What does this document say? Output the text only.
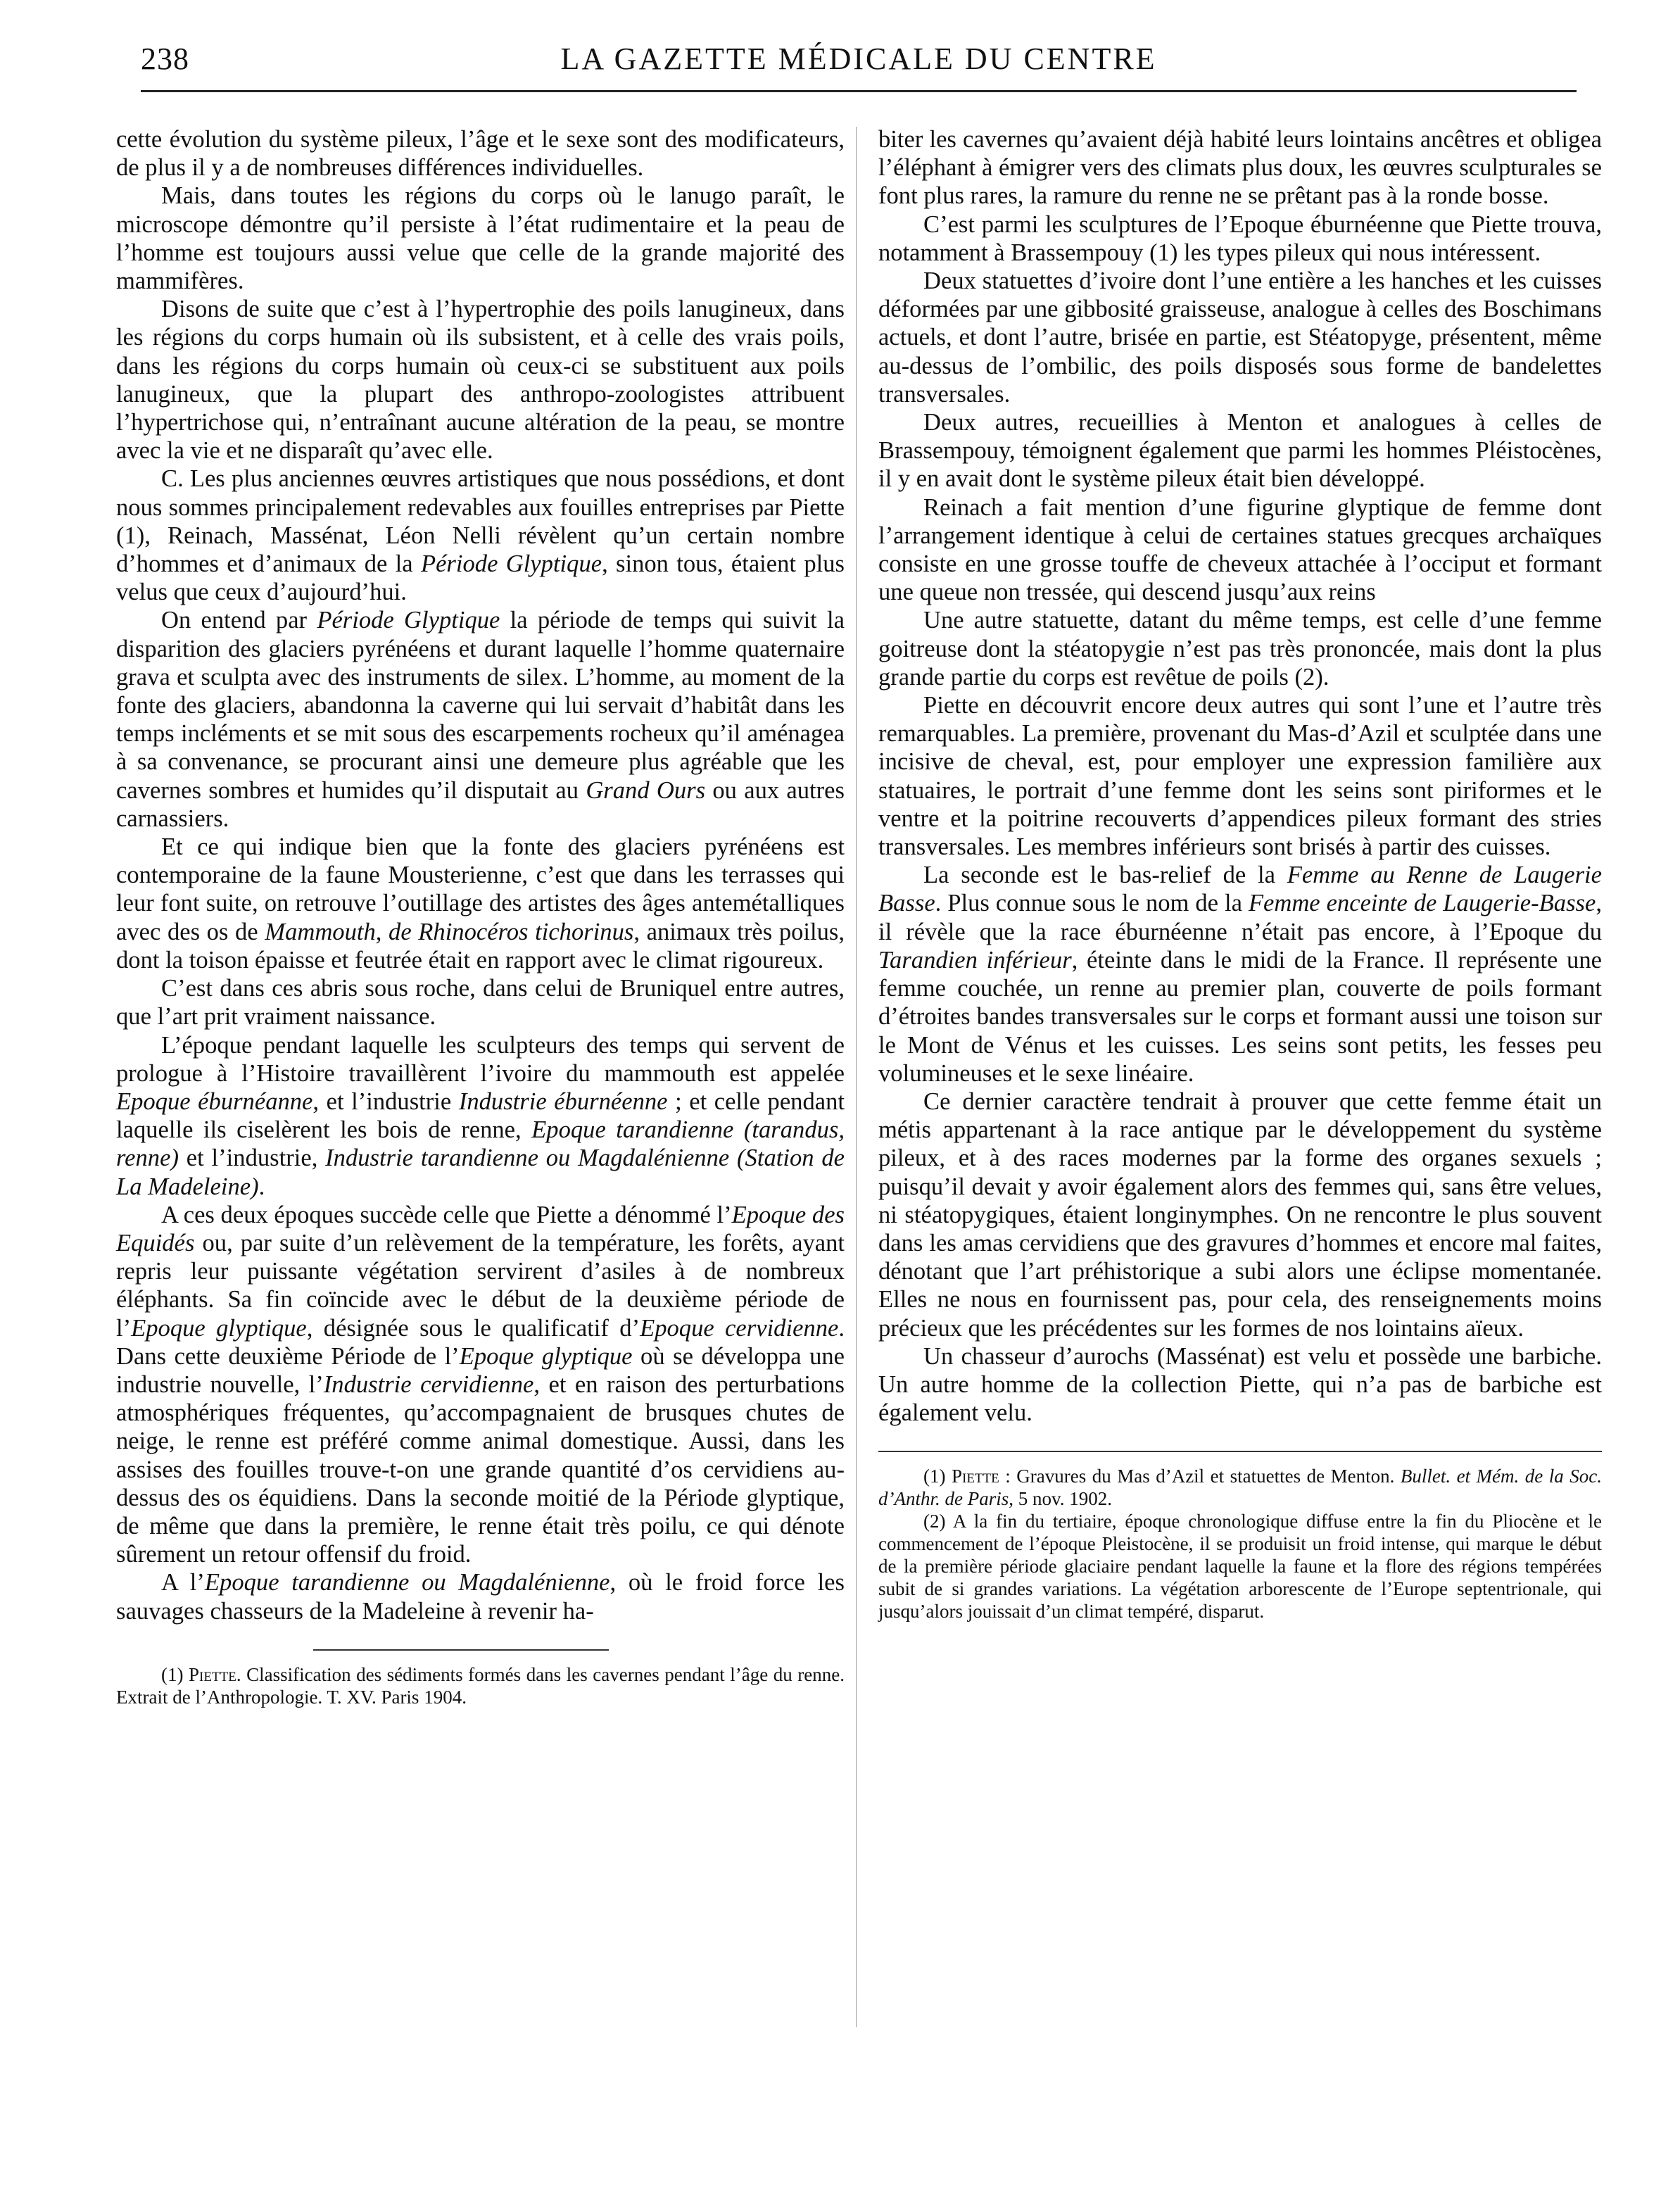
238	LA GAZETTE MÉDICALE DU CENTRE

cette évolution du système pileux, l’âge et le sexe sont des modificateurs, de plus il y a de nombreuses différences individuelles.

Mais, dans toutes les régions du corps où le lanugo paraît, le microscope démontre qu’il persiste à l’état rudimentaire et la peau de l’homme est toujours aussi velue que celle de la grande majorité des mammifères.

Disons de suite que c’est à l’hypertrophie des poils lanugineux, dans les régions du corps humain où ils subsistent, et à celle des vrais poils, dans les régions du corps humain où ceux-ci se substituent aux poils lanugineux, que la plupart des anthropo-zoologistes attribuent l’hypertrichose qui, n’entraînant aucune altération de la peau, se montre avec la vie et ne disparaît qu’avec elle.

C. Les plus anciennes œuvres artistiques que nous possédions, et dont nous sommes principalement redevables aux fouilles entreprises par Piette (1), Reinach, Massénat, Léon Nelli révèlent qu’un certain nombre d’hommes et d’animaux de la Période Glyptique, sinon tous, étaient plus velus que ceux d’aujourd’hui.

On entend par Période Glyptique la période de temps qui suivit la disparition des glaciers pyrénéens et durant laquelle l’homme quaternaire grava et sculpta avec des instruments de silex. L’homme, au moment de la fonte des glaciers, abandonna la caverne qui lui servait d’habitât dans les temps incléments et se mit sous des escarpements rocheux qu’il aménagea à sa convenance, se procurant ainsi une demeure plus agréable que les cavernes sombres et humides qu’il disputait au Grand Ours ou aux autres carnassiers.

Et ce qui indique bien que la fonte des glaciers pyrénéens est contemporaine de la faune Mousterienne, c’est que dans les terrasses qui leur font suite, on retrouve l’outillage des artistes des âges antemétalliques avec des os de Mammouth, de Rhinocéros tichorinus, animaux très poilus, dont la toison épaisse et feutrée était en rapport avec le climat rigoureux.

C’est dans ces abris sous roche, dans celui de Bruniquel entre autres, que l’art prit vraiment naissance.

L’époque pendant laquelle les sculpteurs des temps qui servent de prologue à l’Histoire travaillèrent l’ivoire du mammouth est appelée Epoque éburnéanne, et l’industrie Industrie éburnéenne ; et celle pendant laquelle ils ciselèrent les bois de renne, Epoque tarandienne (tarandus, renne) et l’industrie, Industrie tarandienne ou Magdalénienne (Station de La Madeleine).

A ces deux époques succède celle que Piette a dénommé l’Epoque des Equidés ou, par suite d’un relèvement de la température, les forêts, ayant repris leur puissante végétation servirent d’asiles à de nombreux éléphants. Sa fin coïncide avec le début de la deuxième période de l’Epoque glyptique, désignée sous le qualificatif d’Epoque cervidienne. Dans cette deuxième Période de l’Epoque glyptique où se développa une industrie nouvelle, l’Industrie cervidienne, et en raison des perturbations atmosphériques fréquentes, qu’accompagnaient de brusques chutes de neige, le renne est préféré comme animal domestique. Aussi, dans les assises des fouilles trouve-t-on une grande quantité d’os cervidiens au-dessus des os équidiens. Dans la seconde moitié de la Période glyptique, de même que dans la première, le renne était très poilu, ce qui dénote sûrement un retour offensif du froid.

A l’Epoque tarandienne ou Magdalénienne, où le froid force les sauvages chasseurs de la Madeleine à revenir ha-

(1) Piette. Classification des sédiments formés dans les cavernes pendant l’âge du renne. Extrait de l’Anthropologie. T. XV. Paris 1904.

biter les cavernes qu’avaient déjà habité leurs lointains ancêtres et obligea l’éléphant à émigrer vers des climats plus doux, les œuvres sculpturales se font plus rares, la ramure du renne ne se prêtant pas à la ronde bosse.

C’est parmi les sculptures de l’Epoque éburnéenne que Piette trouva, notamment à Brassempouy (1) les types pileux qui nous intéressent.

Deux statuettes d’ivoire dont l’une entière a les hanches et les cuisses déformées par une gibbosité graisseuse, analogue à celles des Boschimans actuels, et dont l’autre, brisée en partie, est Stéatopyge, présentent, même au-dessus de l’ombilic, des poils disposés sous forme de bandelettes transversales.

Deux autres, recueillies à Menton et analogues à celles de Brassempouy, témoignent également que parmi les hommes Pléistocènes, il y en avait dont le système pileux était bien développé.

Reinach a fait mention d’une figurine glyptique de femme dont l’arrangement identique à celui de certaines statues grecques archaïques consiste en une grosse touffe de cheveux attachée à l’occiput et formant une queue non tressée, qui descend jusqu’aux reins

Une autre statuette, datant du même temps, est celle d’une femme goitreuse dont la stéatopygie n’est pas très prononcée, mais dont la plus grande partie du corps est revêtue de poils (2).

Piette en découvrit encore deux autres qui sont l’une et l’autre très remarquables. La première, provenant du Mas-d’Azil et sculptée dans une incisive de cheval, est, pour employer une expression familière aux statuaires, le portrait d’une femme dont les seins sont piriformes et le ventre et la poitrine recouverts d’appendices pileux formant des stries transversales. Les membres inférieurs sont brisés à partir des cuisses.

La seconde est le bas-relief de la Femme au Renne de Laugerie Basse. Plus connue sous le nom de la Femme enceinte de Laugerie-Basse, il révèle que la race éburnéenne n’était pas encore, à l’Epoque du Tarandien inférieur, éteinte dans le midi de la France. Il représente une femme couchée, un renne au premier plan, couverte de poils formant d’étroites bandes transversales sur le corps et formant aussi une toison sur le Mont de Vénus et les cuisses. Les seins sont petits, les fesses peu volumineuses et le sexe linéaire.

Ce dernier caractère tendrait à prouver que cette femme était un métis appartenant à la race antique par le développement du système pileux, et à des races modernes par la forme des organes sexuels ; puisqu’il devait y avoir également alors des femmes qui, sans être velues, ni stéatopygiques, étaient longinymphes. On ne rencontre le plus souvent dans les amas cervidiens que des gravures d’hommes et encore mal faites, dénotant que l’art préhistorique a subi alors une éclipse momentanée. Elles ne nous en fournissent pas, pour cela, des renseignements moins précieux que les précédentes sur les formes de nos lointains aïeux.

Un chasseur d’aurochs (Massénat) est velu et possède une barbiche. Un autre homme de la collection Piette, qui n’a pas de barbiche est également velu.

(1) Piette : Gravures du Mas d’Azil et statuettes de Menton. Bullet. et Mém. de la Soc. d’Anthr. de Paris, 5 nov. 1902.

(2) A la fin du tertiaire, époque chronologique diffuse entre la fin du Pliocène et le commencement de l’époque Pleistocène, il se produisit un froid intense, qui marque le début de la première période glaciaire pendant laquelle la faune et la flore des régions tempérées subit de si grandes variations. La végétation arborescente de l’Europe septentrionale, qui jusqu’alors jouissait d’un climat tempéré, disparut.
